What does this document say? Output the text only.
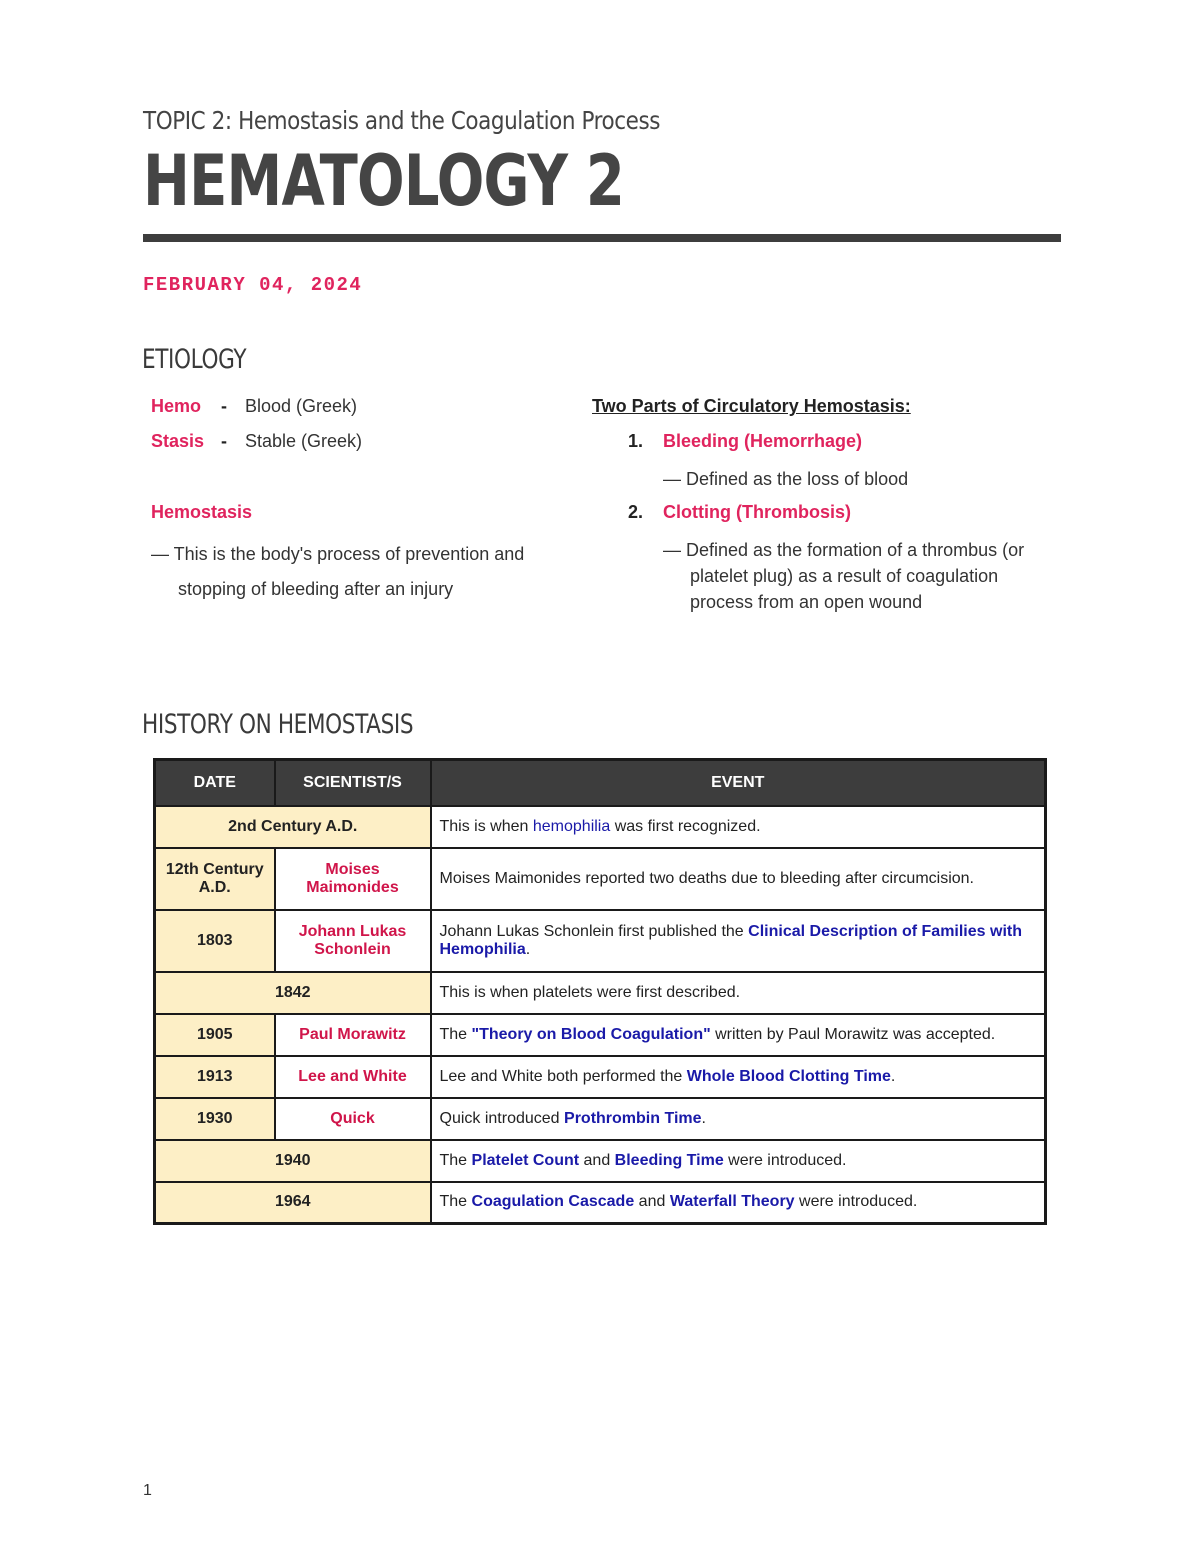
TOPIC 2: Hemostasis and the Coagulation Process
HEMATOLOGY 2
FEBRUARY 04, 2024
ETIOLOGY
Hemo	-	Blood (Greek)
Stasis -	Stable (Greek)
Hemostasis
— This is the body's process of prevention and
stopping of bleeding after an injury
Two Parts of Circulatory Hemostasis:
1.	Bleeding (Hemorrhage)
— Defined as the loss of blood
2.	Clotting (Thrombosis)
— Defined as the formation of a thrombus (or
platelet plug) as a result of coagulation process from an open wound
HISTORY ON HEMOSTASIS
DATE	SCIENTIST/S	EVENT
2nd Century A.D.		This is when hemophilia was first recognized.
12th Century A.D.	Moises Maimonides	Moises Maimonides reported two deaths due to bleeding after circumcision.
1803	Johann Lukas Schonlein	Johann Lukas Schonlein first published the Clinical Description of Families with Hemophilia.
1842		This is when platelets were first described.
1905	Paul Morawitz	The "Theory on Blood Coagulation" written by Paul Morawitz was accepted.
1913	Lee and White	Lee and White both performed the Whole Blood Clotting Time.
1930	Quick	Quick introduced Prothrombin Time.
1940		The Platelet Count and Bleeding Time were introduced.
1964		The Coagulation Cascade and Waterfall Theory were introduced.
1
